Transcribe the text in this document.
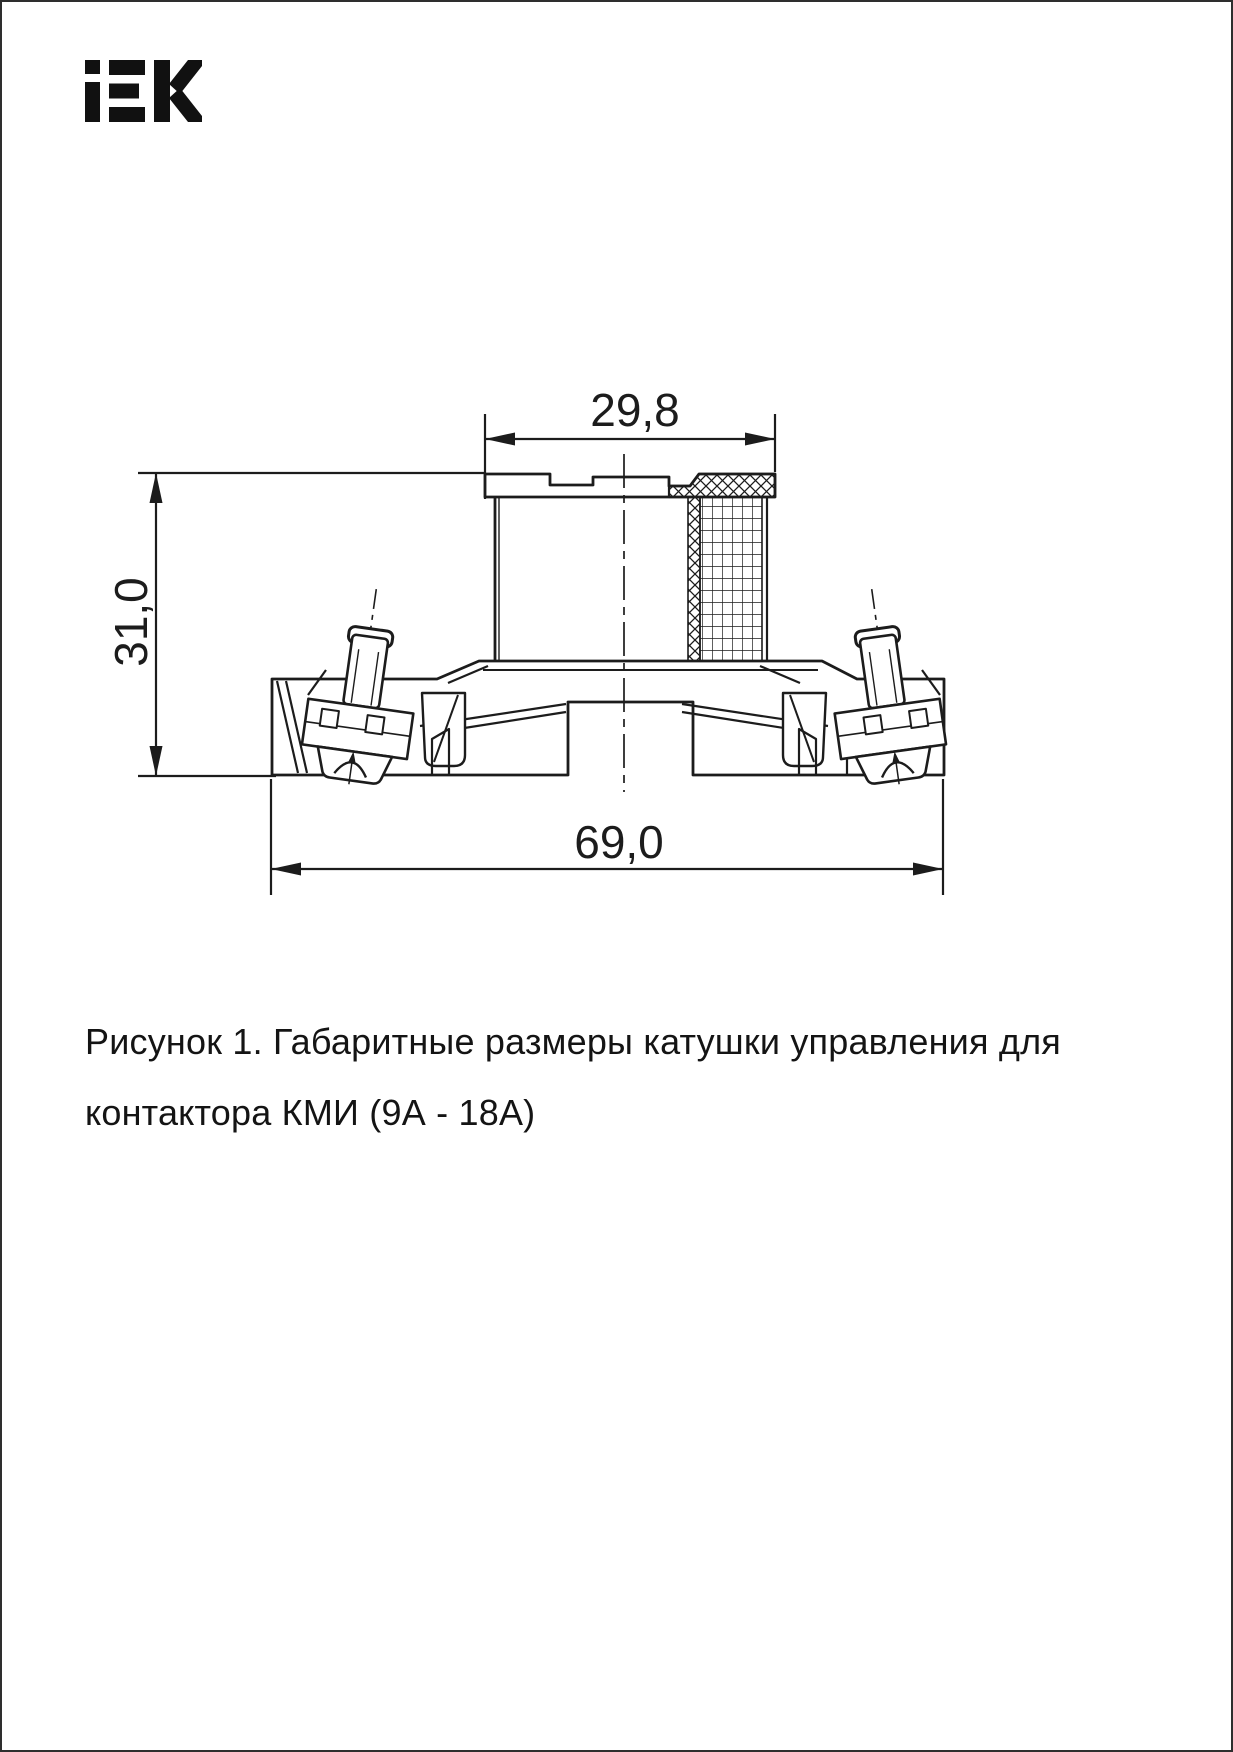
29,8
31,0
69,0

Рисунок 1. Габаритные размеры катушки управления для

контактора КМИ (9А - 18А)
